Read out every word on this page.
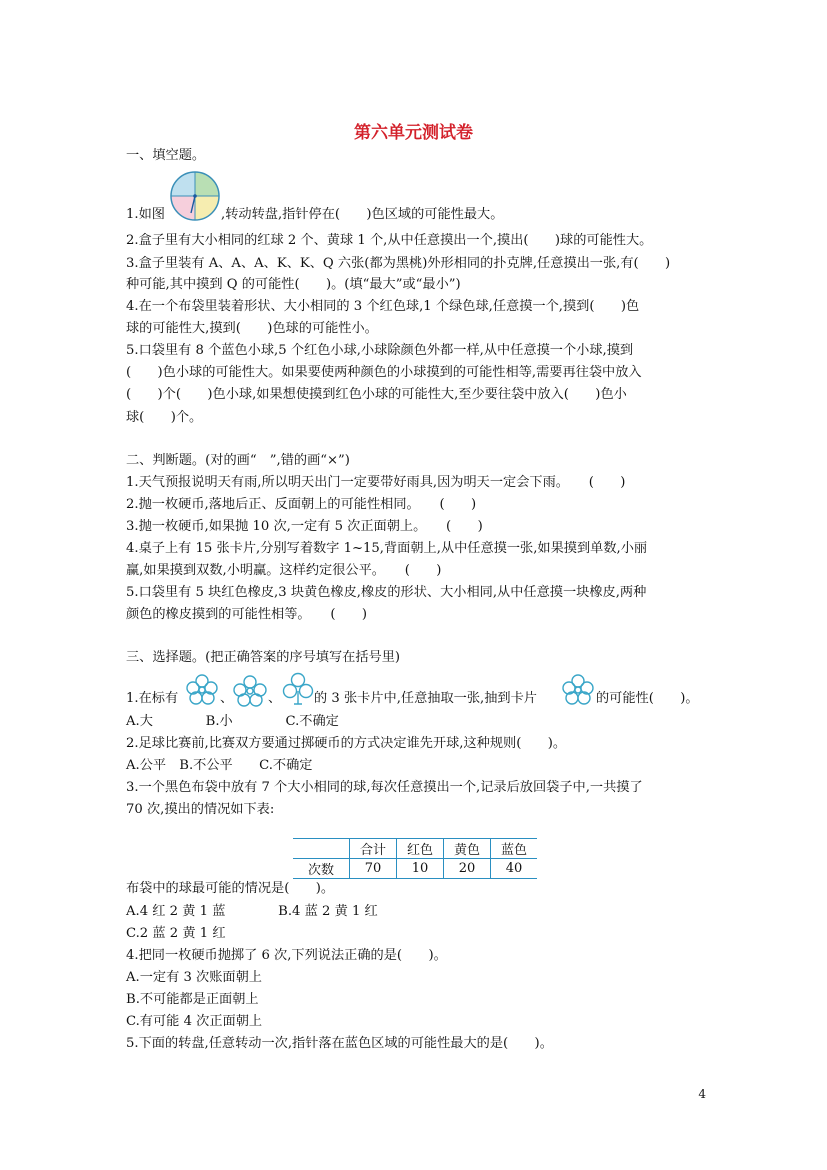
第六单元测试卷
一、填空题。
1.如图	,转动转盘,指针停在(　　)色区域的可能性最大。
2.盒子里有大小相同的红球 2 个、黄球 1 个,从中任意摸出一个,摸出(　　)球的可能性大。
3.盒子里装有 A、A、A、K、K、Q 六张(都为黑桃)外形相同的扑克牌,任意摸出一张,有(　　)
种可能,其中摸到 Q 的可能性(　　)。(填“最大”或“最小”)
4.在一个布袋里装着形状、大小相同的 3 个红色球,1 个绿色球,任意摸一个,摸到(　　)色
球的可能性大,摸到(　　)色球的可能性小。
5.口袋里有 8 个蓝色小球,5 个红色小球,小球除颜色外都一样,从中任意摸一个小球,摸到
(　　)色小球的可能性大。如果要使两种颜色的小球摸到的可能性相等,需要再往袋中放入
(　　)个(　　)色小球,如果想使摸到红色小球的可能性大,至少要往袋中放入(　　)色小
球(　　)个。
二、判断题。(对的画“　”,错的画“×”)
1.天气预报说明天有雨,所以明天出门一定要带好雨具,因为明天一定会下雨。　　(　　)
2.抛一枚硬币,落地后正、反面朝上的可能性相同。　　(　　)
3.抛一枚硬币,如果抛 10 次,一定有 5 次正面朝上。　　(　　)
4.桌子上有 15 张卡片,分别写着数字 1~15,背面朝上,从中任意摸一张,如果摸到单数,小丽
赢,如果摸到双数,小明赢。这样约定很公平。　　(　　)
5.口袋里有 5 块红色橡皮,3 块黄色橡皮,橡皮的形状、大小相同,从中任意摸一块橡皮,两种
颜色的橡皮摸到的可能性相等。　　(　　)
三、选择题。(把正确答案的序号填写在括号里)
1.在标有	、	、 的 3 张卡片中,任意抽取一张,抽到卡片	的可能性(　　)。
A.大　　　　B.小　　　　C.不确定
2.足球比赛前,比赛双方要通过掷硬币的方式决定谁先开球,这种规则(　　)。
A.公平　B.不公平　　C.不确定
3.一个黑色布袋中放有 7 个大小相同的球,每次任意摸出一个,记录后放回袋子中,一共摸了
70 次,摸出的情况如下表:
	合计	红色	黄色	蓝色
次数	70	10	20	40
布袋中的球最可能的情况是(　　)。
A.4 红 2 黄 1 蓝　　　　B.4 蓝 2 黄 1 红
C.2 蓝 2 黄 1 红
4.把同一枚硬币抛掷了 6 次,下列说法正确的是(　　)。
A.一定有 3 次账面朝上
B.不可能都是正面朝上
C.有可能 4 次正面朝上
5.下面的转盘,任意转动一次,指针落在蓝色区域的可能性最大的是(　　)。
4
